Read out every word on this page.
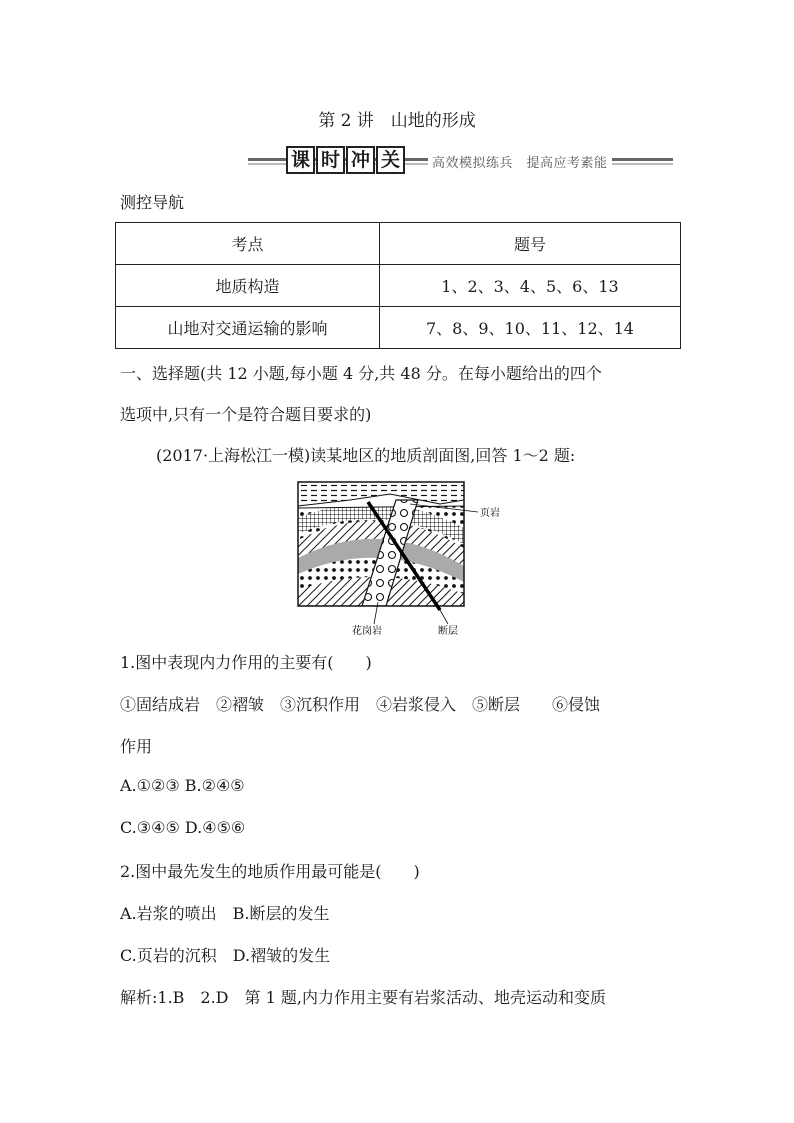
第 2 讲　山地的形成
课 时 冲 关	高效模拟练兵　提高应考素能
测控导航
考点	题号
地质构造	1、2、3、4、5、6、13
山地对交通运输的影响	7、8、9、10、11、12、14
一、选择题(共 12 小题,每小题 4 分,共 48 分。在每小题给出的四个
选项中,只有一个是符合题目要求的)
(2017·上海松江一模)读某地区的地质剖面图,回答 1～2 题:
页岩
花岗岩	断层
1.图中表现内力作用的主要有(　　)
①固结成岩　②褶皱　③沉积作用　④岩浆侵入　⑤断层　　⑥侵蚀
作用
A.①②③ B.②④⑤
C.③④⑤ D.④⑤⑥
2.图中最先发生的地质作用最可能是(　　)
A.岩浆的喷出　B.断层的发生
C.页岩的沉积　D.褶皱的发生
解析:1.B　2.D　第 1 题,内力作用主要有岩浆活动、地壳运动和变质
